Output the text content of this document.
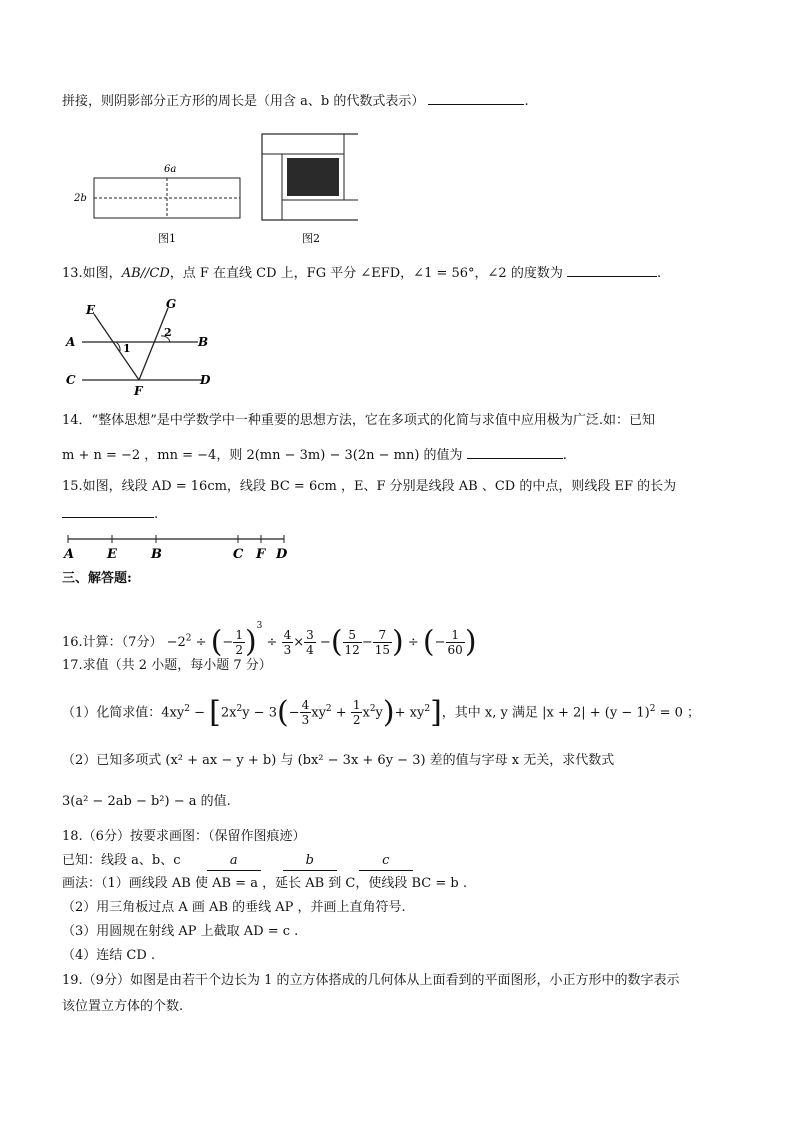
拼接，则阴影部分正方形的周长是（用含 a、b 的代数式表示）	.
6a
2b
图1	图2
13.如图，AB//CD，点 F 在直线 CD 上，FG 平分 ∠EFD，∠1 = 56°，∠2 的度数为	.
E	G
A	B
C	D
F
1
2
14．“整体思想”是中学数学中一种重要的思想方法，它在多项式的化简与求值中应用极为广泛.如：已知
m + n = −2 ，mn = −4，则 2(mn − 3m) − 3(2n − mn) 的值为	.
15.如图，线段 AD = 16cm，线段 BC = 6cm ，E、F 分别是线段 AB 、CD 的中点，则线段 EF 的长为
.
A	E	B	C F D
三、解答题:
16.计算：（7分） $-2^2$ ÷ (− $\frac{1}{2} )^3 \div \frac{4}{3} \times \frac{3}{4}$ −( $\frac{5}{12} - \frac{7}{15}$ ) ÷ (− $\frac{1}{60}$ )
17.求值（共 2 小题，每小题 7 分）
（1）化简求值：$4xy^2 - [2x^2y - 3(- \frac{4}{3} xy^2 + \frac{1}{2} x^2y)+ xy^2]$，其中 x, y 满足 $|x + 2| + (y - 1)^2 = 0$ ；
（2）已知多项式 (x² + ax − y + b) 与 (bx² − 3x + 6y − 3) 差的值与字母 x 无关，求代数式
3(a² − 2ab − b²) − a 的值.
18.（6分）按要求画图：（保留作图痕迹）
已知：线段 a、b、c	a	b	c
画法：（1）画线段 AB 使 AB = a ，延长 AB 到 C，使线段 BC = b .
（2）用三角板过点 A 画 AB 的垂线 AP ，并画上直角符号.
（3）用圆规在射线 AP 上截取 AD = c .
（4）连结 CD .
19.（9分）如图是由若干个边长为 1 的立方体搭成的几何体从上面看到的平面图形，小正方形中的数字表示
该位置立方体的个数.
